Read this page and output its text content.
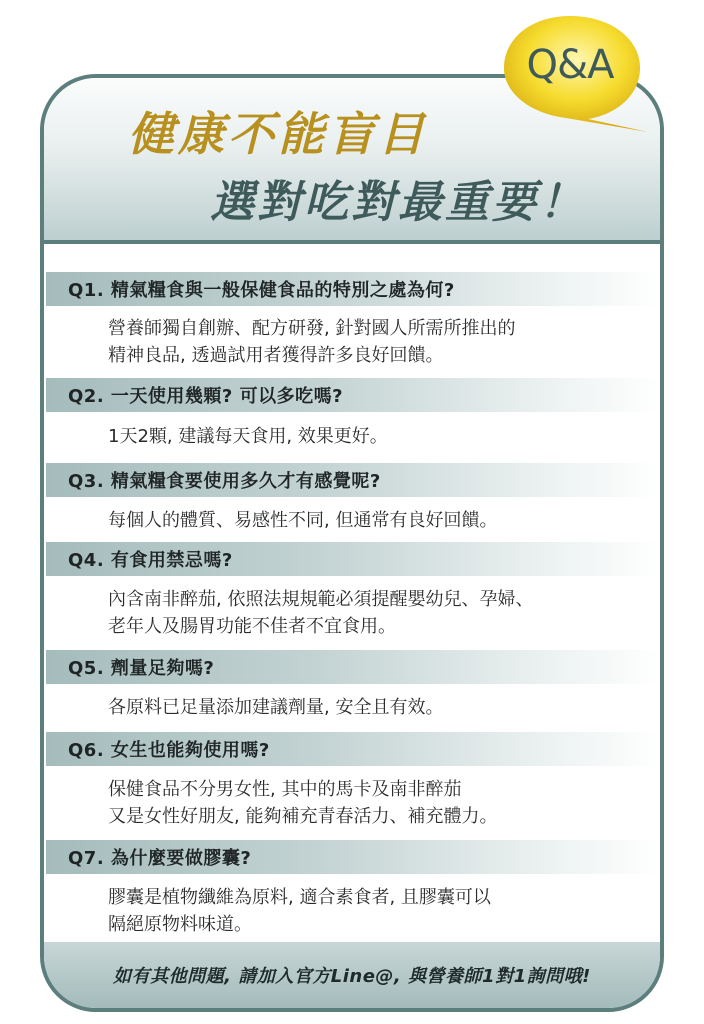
健康不能盲目
選對吃對最重要！
Q1. 精氣糧食與一般保健食品的特別之處為何?
營養師獨自創辦、配方研發, 針對國人所需所推出的
精神良品, 透過試用者獲得許多良好回饋。
Q2. 一天使用幾顆? 可以多吃嗎?
1天2顆, 建議每天食用, 效果更好。
Q3. 精氣糧食要使用多久才有感覺呢?
每個人的體質、易感性不同, 但通常有良好回饋。
Q4. 有食用禁忌嗎?
內含南非醉茄, 依照法規規範必須提醒嬰幼兒、孕婦、
老年人及腸胃功能不佳者不宜食用。
Q5. 劑量足夠嗎?
各原料已足量添加建議劑量, 安全且有效。
Q6. 女生也能夠使用嗎?
保健食品不分男女性, 其中的馬卡及南非醉茄
又是女性好朋友, 能夠補充青春活力、補充體力。
Q7. 為什麼要做膠囊?
膠囊是植物纖維為原料, 適合素食者, 且膠囊可以
隔絕原物料味道。
如有其他問題, 請加入官方Line@, 與營養師1對1詢問哦!
Q&A
